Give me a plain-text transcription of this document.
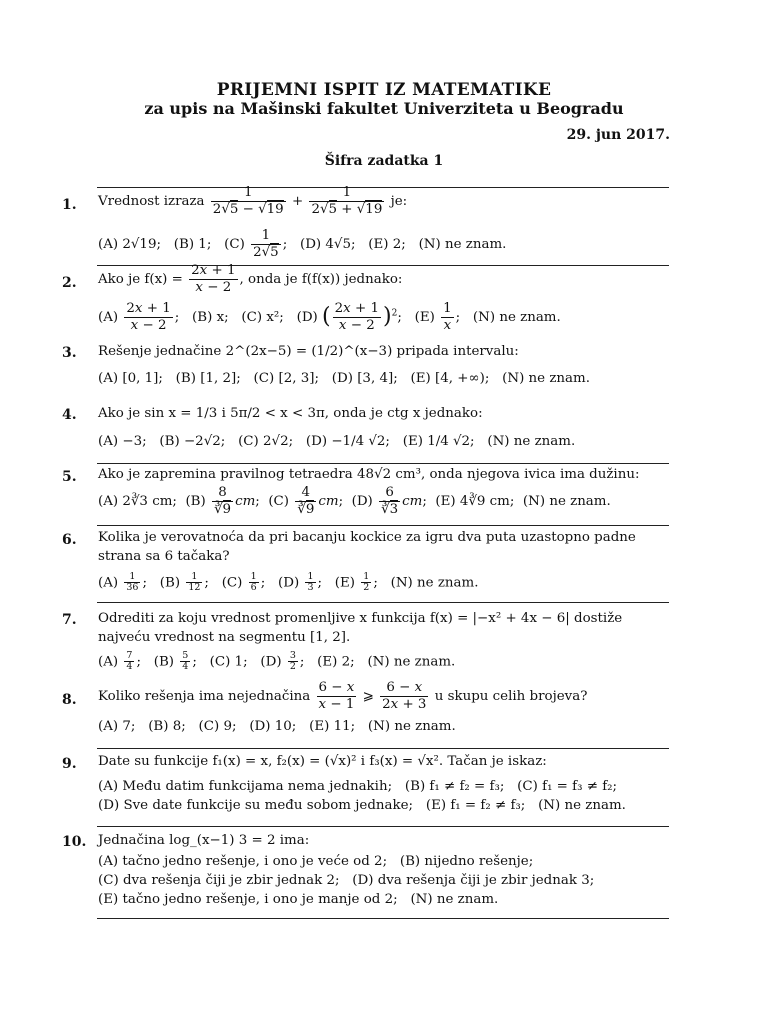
PRIJEMNI ISPIT IZ MATEMATIKE
za upis na Mašinski fakultet Univerziteta u Beogradu
29. jun 2017.
Šifra zadatka 1
1. Vrednost izraza $\frac{1}{2√5 - √19} + \frac{1}{2√5 + √19}$ je:
(A) 2√19; (B) 1; $(C) \frac{1}{2√5}$ ;   (D) 4√5; (E) 2; (N) ne znam.
2. Ako je $f(x) = \frac{2x + 1}{x - 2}$ , onda je f(f(x)) jednako:
$(A) \frac{2x + 1}{x - 2}$ ;   (B) x; (C) x²; (D) ( $\frac{2x + 1}{x - 2} )^2$;   $(E) \frac{1}{x}$ ;   (N) ne znam.
3. Rešenje jednačine 2^(2x−5) = (1/2)^(x−3) pripada intervalu:
(A) [0, 1]; (B) [1, 2]; (C) [2, 3]; (D) [3, 4]; (E) [4, +∞); (N) ne znam.
4. Ako je sin x = 1/3 i 5π/2 < x < 3π, onda je ctg x jednako:
(A) −3; (B) −2√2; (C) 2√2; (D) −1/4 √2; (E) 1/4 √2; (N) ne znam.
5. Ako je zapremina pravilnog tetraedra 48√2 cm³, onda njegova ivica ima dužinu:
(A) 2∛3 cm; $(B) \frac{8}{∛9}$ cm;  $(C) \frac{4}{∛9}$ cm;  $(D) \frac{6}{∛3}$ cm;  (E) 4∛9 cm; (N) ne znam.
6. Kolika je verovatnoća da pri bacanju kockice za igru dva puta uzastopno padne strana sa 6 tačaka?
$(A) \frac{1}{36}$ ;   $(B) \frac{1}{12}$ ;   $(C) \frac{1}{6}$ ;   $(D) \frac{1}{3}$ ;   $(E) \frac{1}{2}$ ;   (N) ne znam.
7. Odrediti za koju vrednost promenljive x funkcija f(x) = |−x² + 4x − 6| dostiže najveću vrednost na segmentu [1, 2].
$(A) \frac{7}{4}$ ;   $(B) \frac{5}{4}$ ;   (C) 1; $(D) \frac{3}{2}$ ;   (E) 2; (N) ne znam.
8. Koliko rešenja ima nejednačina $\frac{6 - x}{x - 1}$ ⩾ $\frac{6 - x}{2x + 3}$ u skupu celih brojeva?
(A) 7; (B) 8; (C) 9; (D) 10; (E) 11; (N) ne znam.
9. Date su funkcije f₁(x) = x, f₂(x) = (√x)² i f₃(x) = √x². Tačan je iskaz:
(A) Među datim funkcijama nema jednakih; (B) f₁ ≠ f₂ = f₃; (C) f₁ = f₃ ≠ f₂;
(D) Sve date funkcije su među sobom jednake; (E) f₁ = f₂ ≠ f₃; (N) ne znam.
10. Jednačina log_(x−1) 3 = 2 ima:
(A) tačno jedno rešenje, i ono je veće od 2; (B) nijedno rešenje;
(C) dva rešenja čiji je zbir jednak 2; (D) dva rešenja čiji je zbir jednak 3;
(E) tačno jedno rešenje, i ono je manje od 2; (N) ne znam.
